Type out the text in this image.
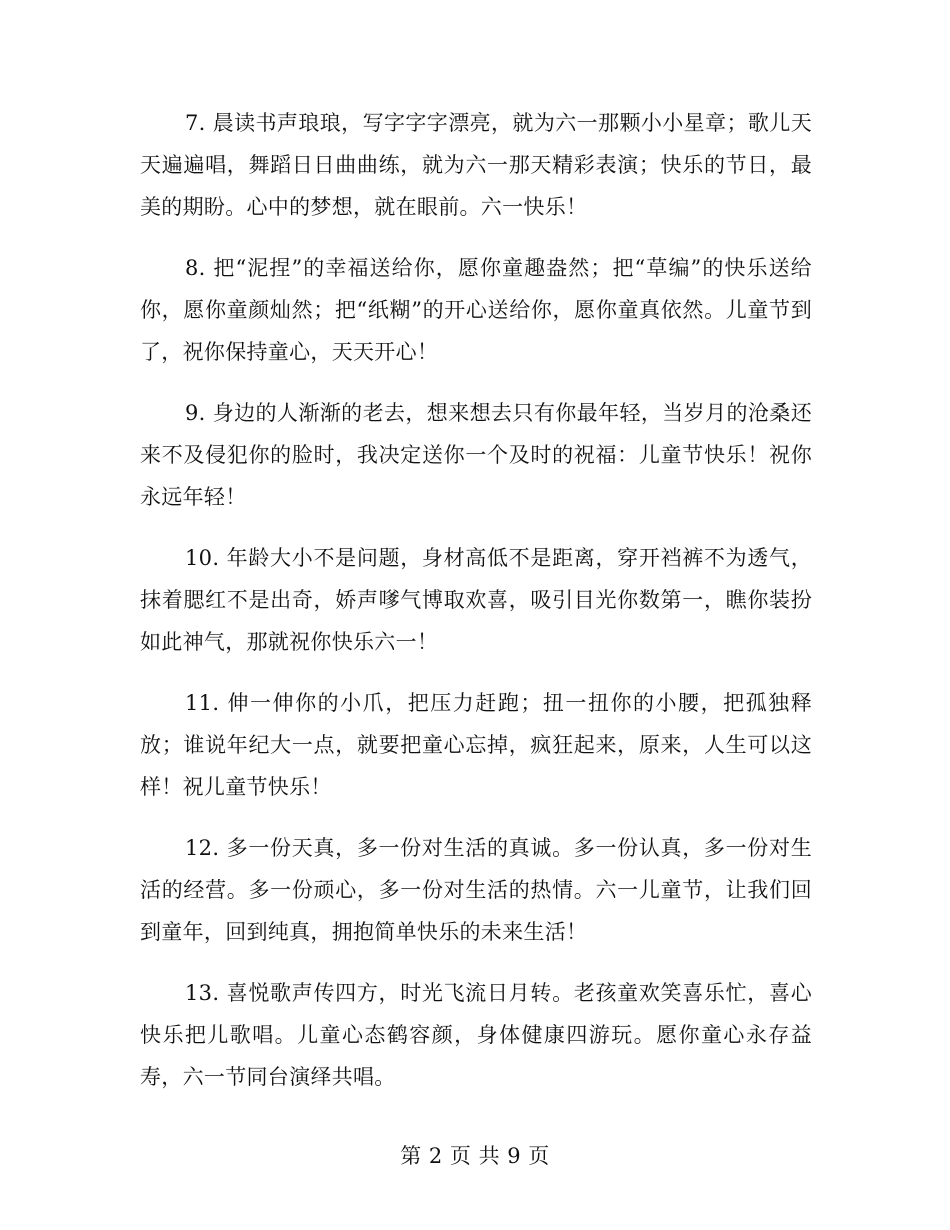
7. 晨读书声琅琅，写字字字漂亮，就为六一那颗小小星章；歌儿天天遍遍唱，舞蹈日日曲曲练，就为六一那天精彩表演；快乐的节日，最美的期盼。心中的梦想，就在眼前。六一快乐！

8. 把“泥捏”的幸福送给你，愿你童趣盎然；把“草编”的快乐送给你，愿你童颜灿然；把“纸糊”的开心送给你，愿你童真依然。儿童节到了，祝你保持童心，天天开心！

9. 身边的人渐渐的老去，想来想去只有你最年轻，当岁月的沧桑还来不及侵犯你的脸时，我决定送你一个及时的祝福：儿童节快乐！祝你永远年轻！

10. 年龄大小不是问题，身材高低不是距离，穿开裆裤不为透气，抹着腮红不是出奇，娇声嗲气博取欢喜，吸引目光你数第一，瞧你装扮如此神气，那就祝你快乐六一！

11. 伸一伸你的小爪，把压力赶跑；扭一扭你的小腰，把孤独释放；谁说年纪大一点，就要把童心忘掉，疯狂起来，原来，人生可以这样！祝儿童节快乐！

12. 多一份天真，多一份对生活的真诚。多一份认真，多一份对生活的经营。多一份顽心，多一份对生活的热情。六一儿童节，让我们回到童年，回到纯真，拥抱简单快乐的未来生活！

13. 喜悦歌声传四方，时光飞流日月转。老孩童欢笑喜乐忙，喜心快乐把儿歌唱。儿童心态鹤容颜，身体健康四游玩。愿你童心永存益寿，六一节同台演绎共唱。

第 2 页 共 9 页
